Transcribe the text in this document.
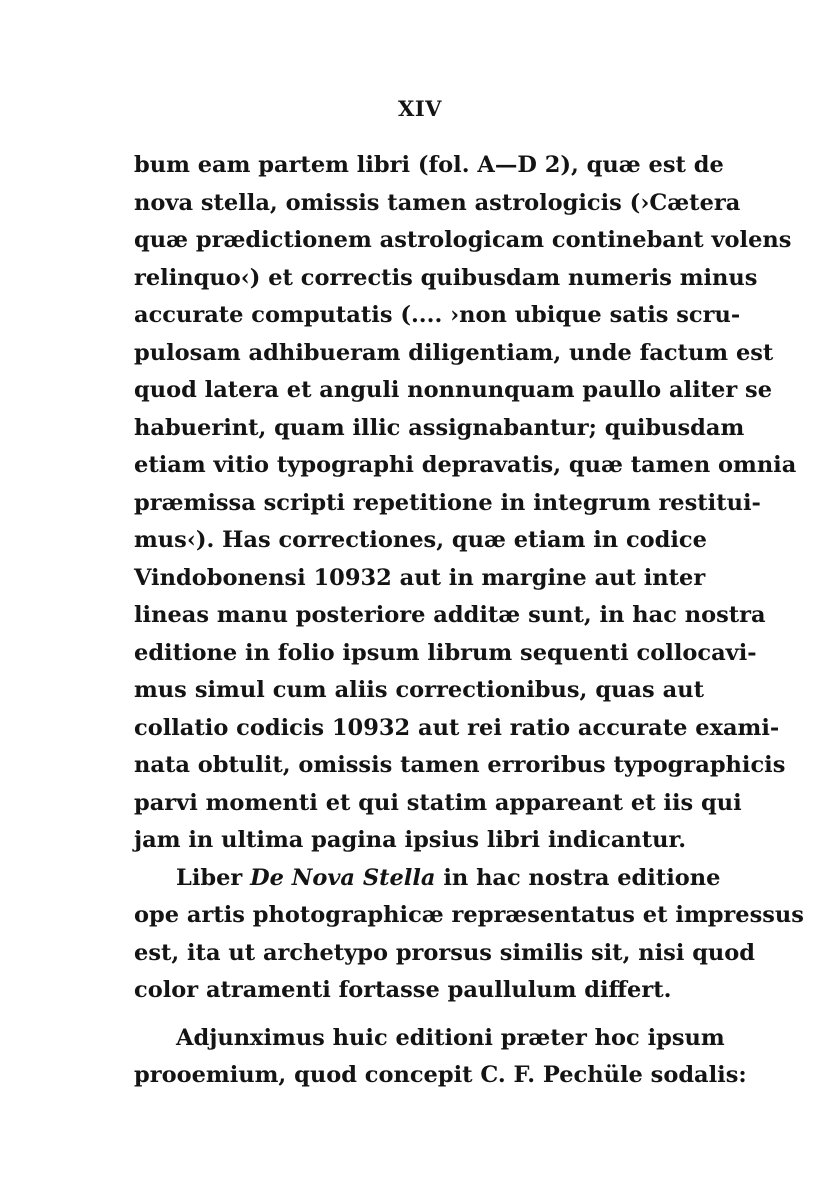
XIV
bum eam partem libri (fol. A—D 2), quæ est de
nova stella, omissis tamen astrologicis (›Cætera
quæ prædictionem astrologicam continebant volens
relinquo‹) et correctis quibusdam numeris minus
accurate computatis (.... ›non ubique satis scru-
pulosam adhibueram diligentiam, unde factum est
quod latera et anguli nonnunquam paullo aliter se
habuerint, quam illic assignabantur; quibusdam
etiam vitio typographi depravatis, quæ tamen omnia
præmissa scripti repetitione in integrum restitui-
mus‹). Has correctiones, quæ etiam in codice
Vindobonensi 10932 aut in margine aut inter
lineas manu posteriore additæ sunt, in hac nostra
editione in folio ipsum librum sequenti collocavi-
mus simul cum aliis correctionibus, quas aut
collatio codicis 10932 aut rei ratio accurate exami-
nata obtulit, omissis tamen erroribus typographicis
parvi momenti et qui statim appareant et iis qui
jam in ultima pagina ipsius libri indicantur.
Liber De Nova Stella in hac nostra editione
ope artis photographicæ repræsentatus et impressus
est, ita ut archetypo prorsus similis sit, nisi quod
color atramenti fortasse paullulum differt.
Adjunximus huic editioni præter hoc ipsum
prooemium, quod concepit C. F. Pechüle sodalis:
